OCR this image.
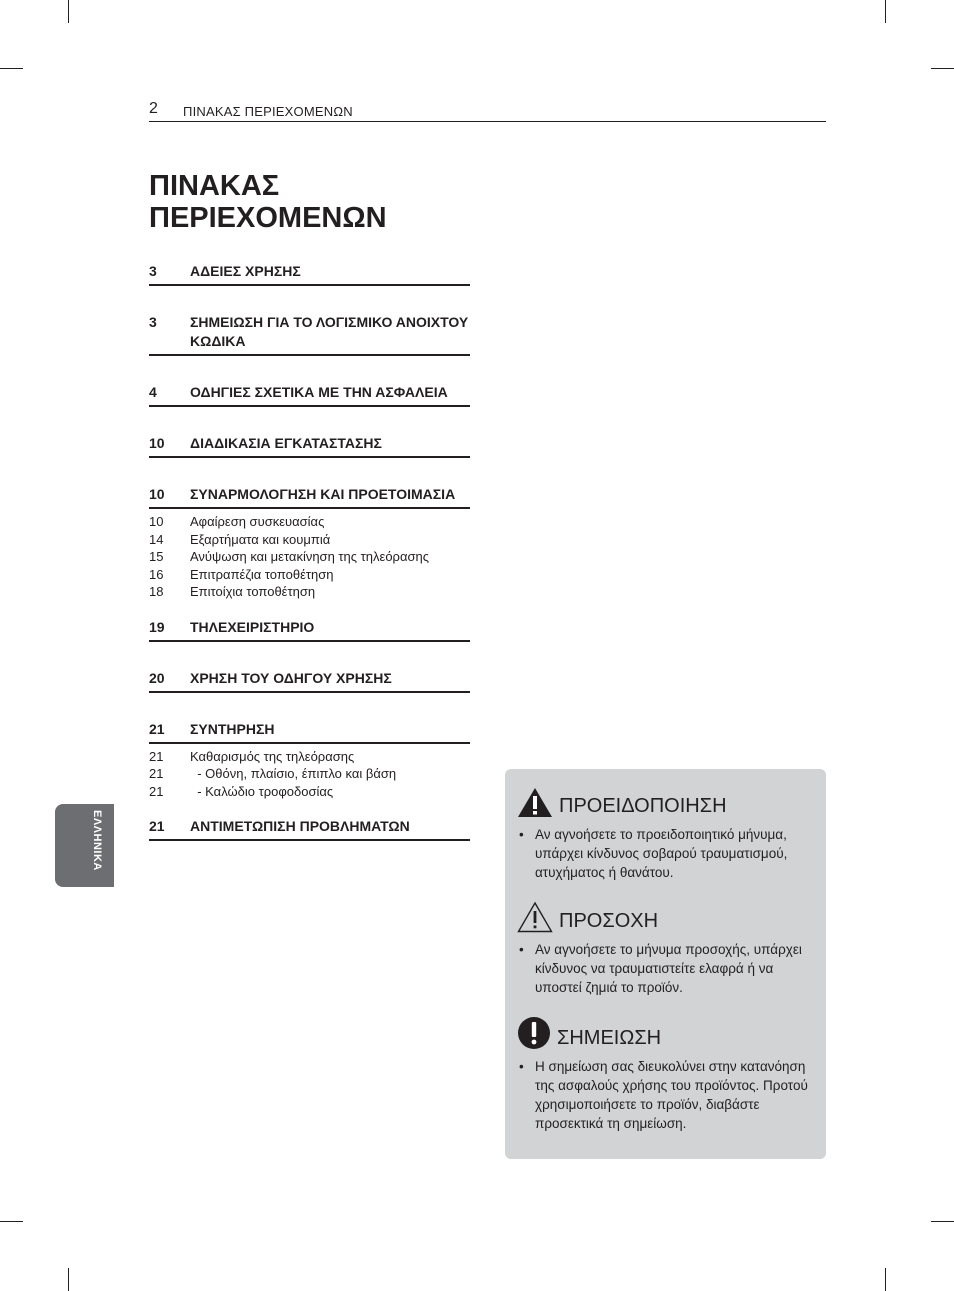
2 ΠΙΝΑΚΑΣ ΠΕΡΙΕΧΟΜΕΝΩΝ
ΠΙΝΑΚΑΣ
ΠΕΡΙΕΧΟΜΕΝΩΝ
3	ΑΔΕΙΕΣ ΧΡΗΣΗΣ
3	ΣΗΜΕΙΩΣΗ ΓΙΑ ΤΟ ΛΟΓΙΣΜΙΚΟ ΑΝΟΙΧΤΟΥ ΚΩΔΙΚΑ
4	ΟΔΗΓΙΕΣ ΣΧΕΤΙΚΑ ΜΕ ΤΗΝ ΑΣΦΑΛΕΙΑ
10	ΔΙΑΔΙΚΑΣΙΑ ΕΓΚΑΤΑΣΤΑΣΗΣ
10	ΣΥΝΑΡΜΟΛΟΓΗΣΗ ΚΑΙ ΠΡΟΕΤΟΙΜΑΣΙΑ
10	Αφαίρεση συσκευασίας
14	Εξαρτήματα και κουμπιά
15	Ανύψωση και μετακίνηση της τηλεόρασης
16	Επιτραπέζια τοποθέτηση
18	Επιτοίχια τοποθέτηση
19	ΤΗΛΕΧΕΙΡΙΣΤΗΡΙΟ
20	ΧΡΗΣΗ ΤΟΥ ΟΔΗΓΟΥ ΧΡΗΣΗΣ
21	ΣΥΝΤΗΡΗΣΗ
21	Καθαρισμός της τηλεόρασης
21	- Οθόνη, πλαίσιο, έπιπλο και βάση
21	- Καλώδιο τροφοδοσίας
21	ΑΝΤΙΜΕΤΩΠΙΣΗ ΠΡΟΒΛΗΜΑΤΩΝ
ΕΛΛΗΝΙΚΑ
ΠΡΟΕΙΔΟΠΟΙΗΣΗ
• Αν αγνοήσετε το προειδοποιητικό μήνυμα, υπάρχει κίνδυνος σοβαρού τραυματισμού, ατυχήματος ή θανάτου.
ΠΡΟΣΟΧΗ
• Αν αγνοήσετε το μήνυμα προσοχής, υπάρχει κίνδυνος να τραυματιστείτε ελαφρά ή να υποστεί ζημιά το προϊόν.
ΣΗΜΕΙΩΣΗ
• Η σημείωση σας διευκολύνει στην κατανόηση της ασφαλούς χρήσης του προϊόντος. Προτού χρησιμοποιήσετε το προϊόν, διαβάστε προσεκτικά τη σημείωση.
